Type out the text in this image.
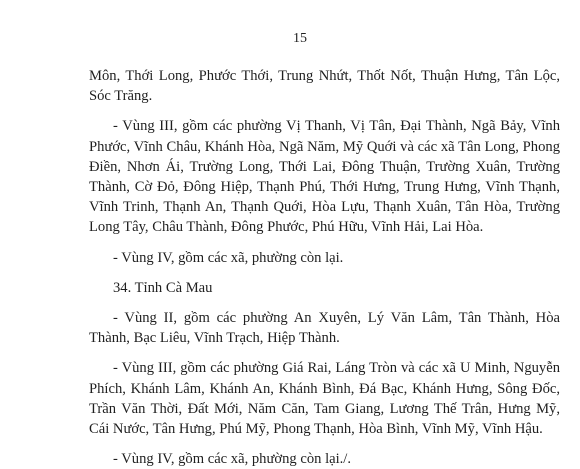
15

Môn, Thới Long, Phước Thới, Trung Nhứt, Thốt Nốt, Thuận Hưng, Tân Lộc, Sóc Trăng.

- Vùng III, gồm các phường Vị Thanh, Vị Tân, Đại Thành, Ngã Bảy, Vĩnh Phước, Vĩnh Châu, Khánh Hòa, Ngã Năm, Mỹ Quới và các xã Tân Long, Phong Điền, Nhơn Ái, Trường Long, Thới Lai, Đông Thuận, Trường Xuân, Trường Thành, Cờ Đỏ, Đông Hiệp, Thạnh Phú, Thới Hưng, Trung Hưng, Vĩnh Thạnh, Vĩnh Trinh, Thạnh An, Thạnh Quới, Hòa Lựu, Thạnh Xuân, Tân Hòa, Trường Long Tây, Châu Thành, Đông Phước, Phú Hữu, Vĩnh Hải, Lai Hòa.

- Vùng IV, gồm các xã, phường còn lại.

34. Tỉnh Cà Mau

- Vùng II, gồm các phường An Xuyên, Lý Văn Lâm, Tân Thành, Hòa Thành, Bạc Liêu, Vĩnh Trạch, Hiệp Thành.

- Vùng III, gồm các phường Giá Rai, Láng Tròn và các xã U Minh, Nguyễn Phích, Khánh Lâm, Khánh An, Khánh Bình, Đá Bạc, Khánh Hưng, Sông Đốc, Trần Văn Thời, Đất Mới, Năm Căn, Tam Giang, Lương Thế Trân, Hưng Mỹ, Cái Nước, Tân Hưng, Phú Mỹ, Phong Thạnh, Hòa Bình, Vĩnh Mỹ, Vĩnh Hậu.

- Vùng IV, gồm các xã, phường còn lại./.
